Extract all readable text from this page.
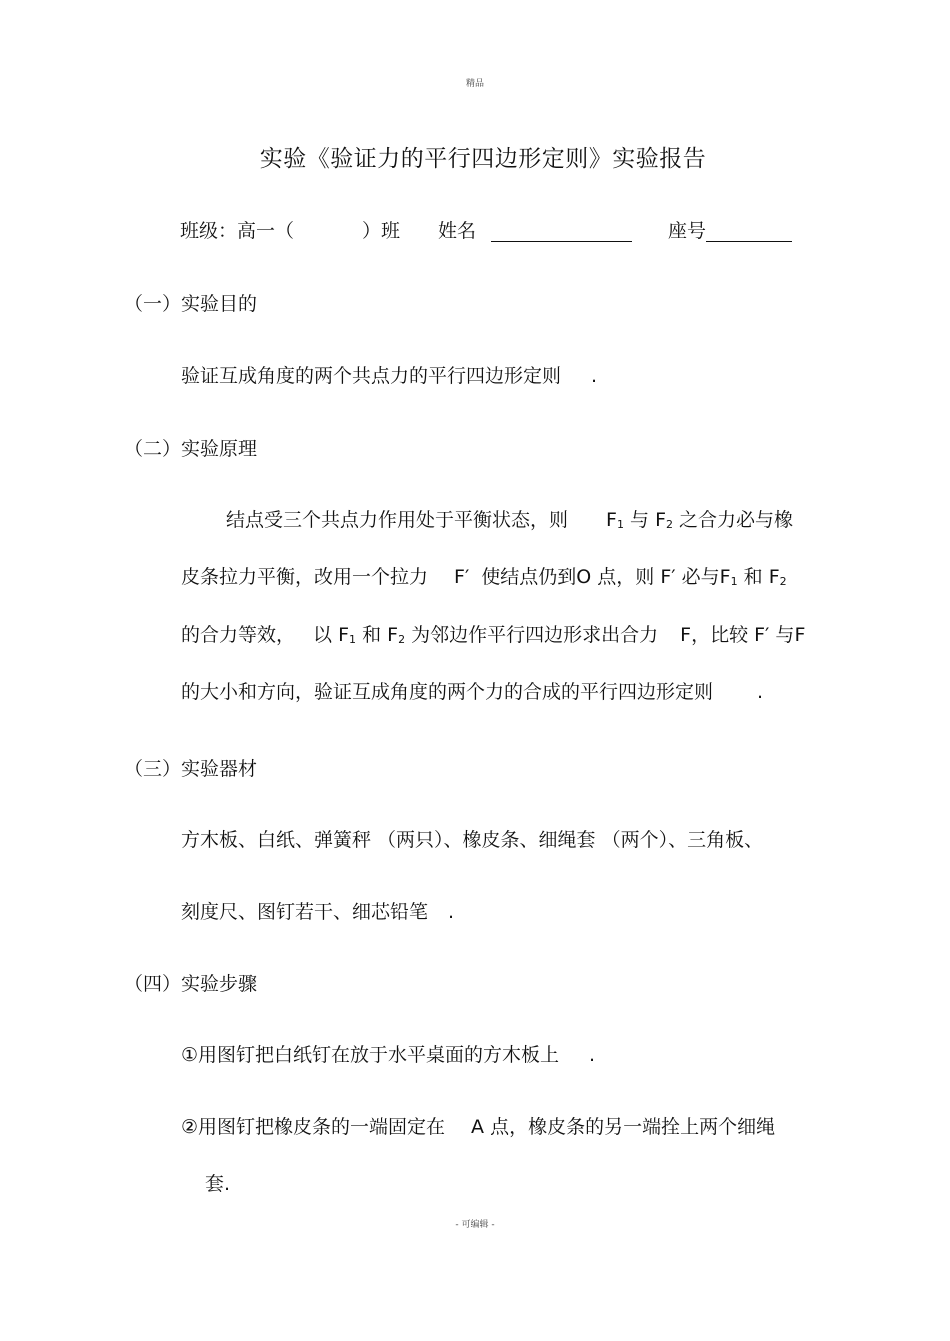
精品
实验《验证力的平行四边形定则》实验报告
班级：高一（	）班 姓名	座号
（一）实验目的
验证互成角度的两个共点力的平行四边形定则 .
（二）实验原理
结点受三个共点力作用处于平衡状态，则 $F_1$ 与 $F_2$ 之合力必与橡
皮条拉力平衡，改用一个拉力 F′ 使结点仍到O 点，则 F′ 必与$F_1$ 和 $F_2$
的合力等效， 以 $F_1$ 和 $F_2$ 为邻边作平行四边形求出合力 F，比较 F′ 与F
的大小和方向，验证互成角度的两个力的合成的平行四边形定则 .
（三）实验器材
方木板、白纸、弹簧秤 （两只）、橡皮条、细绳套 （两个）、三角板、
刻度尺、图钉若干、细芯铅笔 .
（四）实验步骤
①用图钉把白纸钉在放于水平桌面的方木板上 .
②用图钉把橡皮条的一端固定在 A 点，橡皮条的另一端拴上两个细绳
套.
- 可编辑 -
